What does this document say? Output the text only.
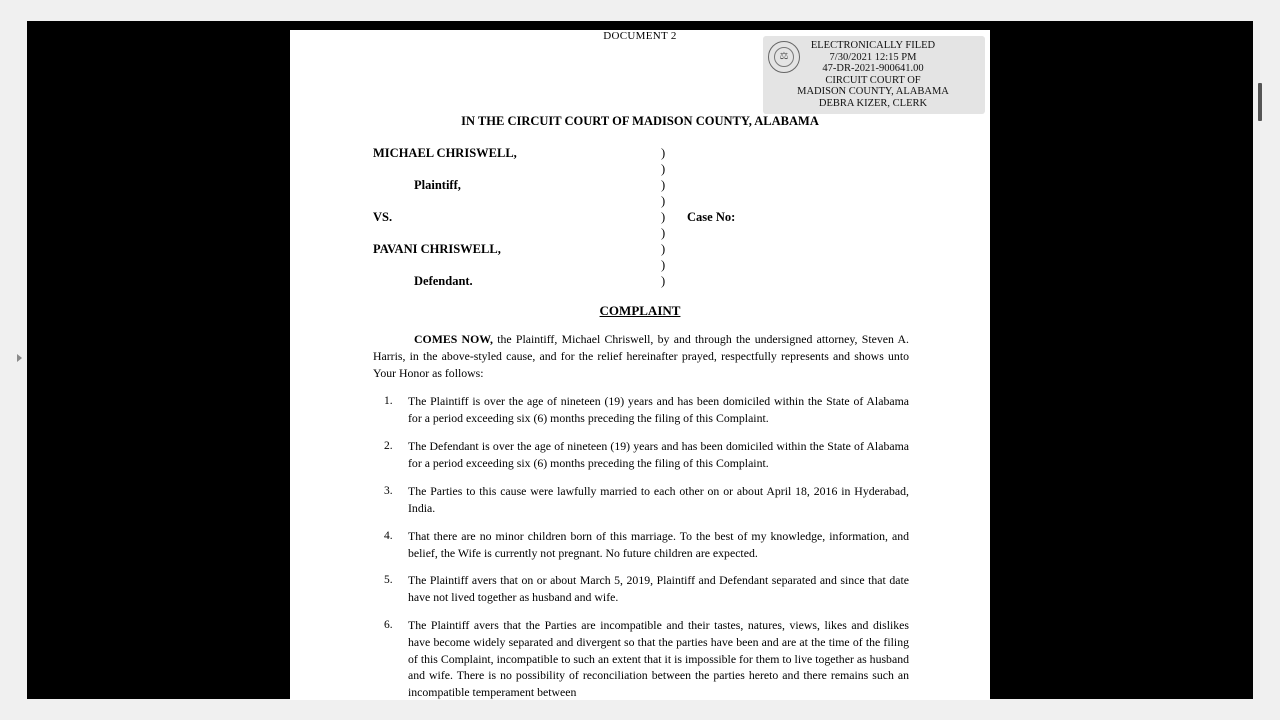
DOCUMENT 2
⚖
ELECTRONICALLY FILED
7/30/2021 12:15 PM
47-DR-2021-900641.00
CIRCUIT COURT OF
MADISON COUNTY, ALABAMA
DEBRA KIZER, CLERK
IN THE CIRCUIT COURT OF MADISON COUNTY, ALABAMA
MICHAEL CHRISWELL,
Plaintiff,
VS.	Case No:
PAVANI CHRISWELL,
Defendant.
)
)
)
)
)
)
)
)
)
COMPLAINT
COMES NOW, the Plaintiff, Michael Chriswell, by and through the undersigned attorney, Steven A. Harris, in the above-styled cause, and for the relief hereinafter prayed, respectfully represents and shows unto Your Honor as follows:
1. The Plaintiff is over the age of nineteen (19) years and has been domiciled within the State of Alabama for a period exceeding six (6) months preceding the filing of this Complaint.
2. The Defendant is over the age of nineteen (19) years and has been domiciled within the State of Alabama for a period exceeding six (6) months preceding the filing of this Complaint.
3. The Parties to this cause were lawfully married to each other on or about April 18, 2016 in Hyderabad, India.
4. That there are no minor children born of this marriage. To the best of my knowledge, information, and belief, the Wife is currently not pregnant. No future children are expected.
5. The Plaintiff avers that on or about March 5, 2019, Plaintiff and Defendant separated and since that date have not lived together as husband and wife.
6. The Plaintiff avers that the Parties are incompatible and their tastes, natures, views, likes and dislikes have become widely separated and divergent so that the parties have been and are at the time of the filing of this Complaint, incompatible to such an extent that it is impossible for them to live together as husband and wife. There is no possibility of reconciliation between the parties hereto and there remains such an incompatible temperament between
